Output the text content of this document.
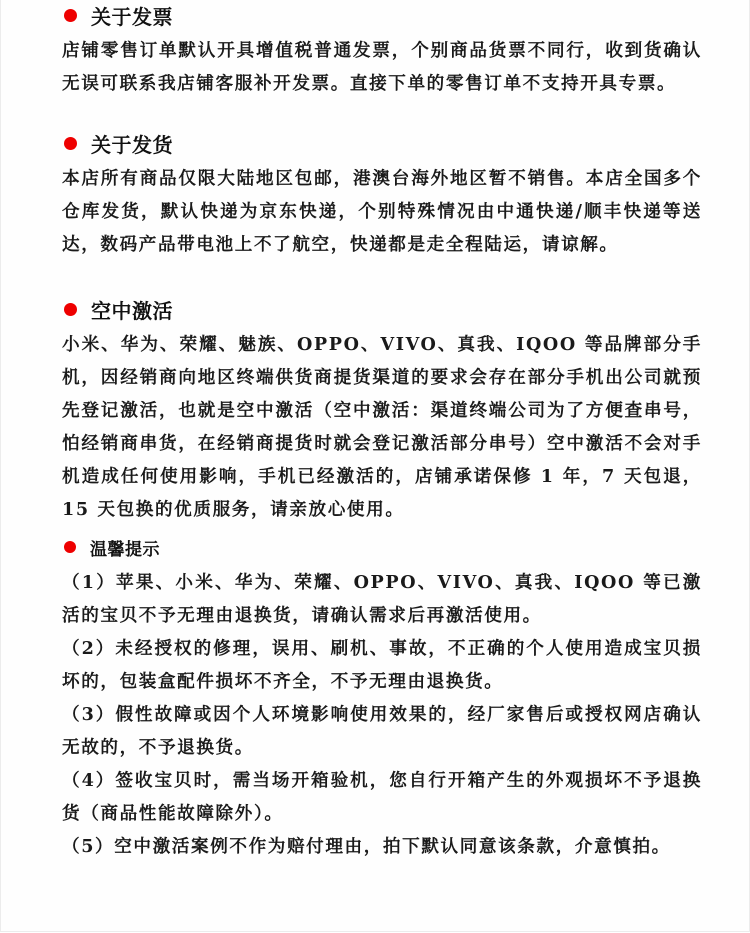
关于发票

店铺零售订单默认开具增值税普通发票，个别商品货票不同行，收到货确认无误可联系我店铺客服补开发票。直接下单的零售订单不支持开具专票。

关于发货

本店所有商品仅限大陆地区包邮，港澳台海外地区暂不销售。本店全国多个仓库发货，默认快递为京东快递，个别特殊情况由中通快递/顺丰快递等送达，数码产品带电池上不了航空，快递都是走全程陆运，请谅解。

空中激活

小米、华为、荣耀、魅族、OPPO、VIVO、真我、IQOO 等品牌部分手机，因经销商向地区终端供货商提货渠道的要求会存在部分手机出公司就预先登记激活，也就是空中激活（空中激活：渠道终端公司为了方便查串号，怕经销商串货，在经销商提货时就会登记激活部分串号）空中激活不会对手机造成任何使用影响，手机已经激活的，店铺承诺保修 1 年，7 天包退，15 天包换的优质服务，请亲放心使用。

温馨提示

（1）苹果、小米、华为、荣耀、OPPO、VIVO、真我、IQOO 等已激活的宝贝不予无理由退换货，请确认需求后再激活使用。

（2）未经授权的修理，误用、刷机、事故，不正确的个人使用造成宝贝损坏的，包装盒配件损坏不齐全，不予无理由退换货。

（3）假性故障或因个人环境影响使用效果的，经厂家售后或授权网店确认无故的，不予退换货。

（4）签收宝贝时，需当场开箱验机，您自行开箱产生的外观损坏不予退换货（商品性能故障除外）。

（5）空中激活案例不作为赔付理由，拍下默认同意该条款，介意慎拍。
